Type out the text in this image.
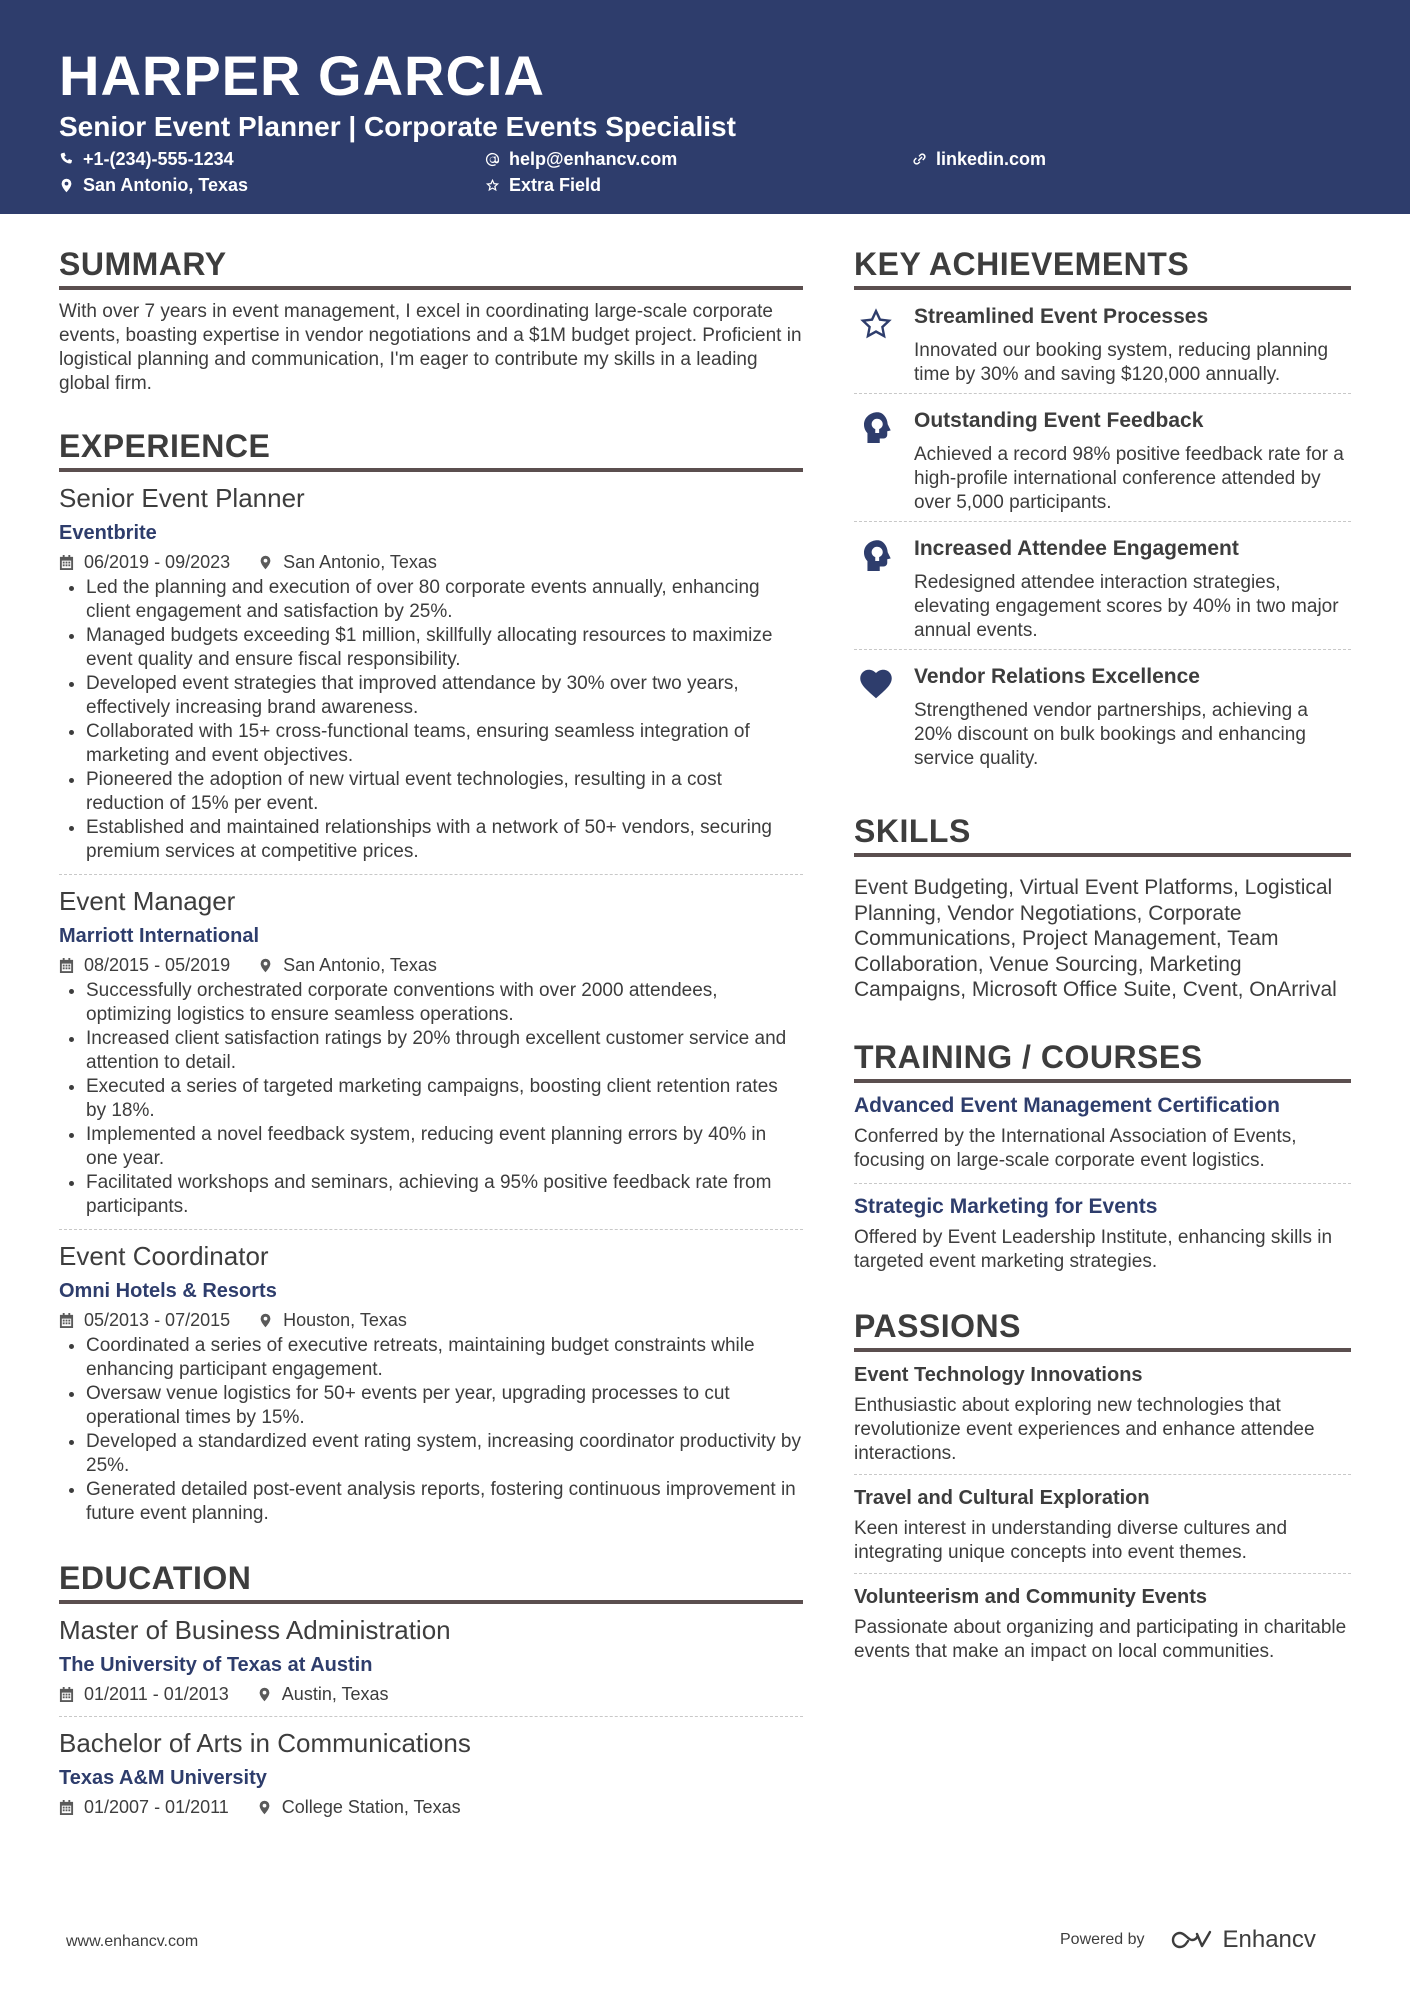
HARPER GARCIA
Senior Event Planner | Corporate Events Specialist
+1-(234)-555-1234	help@enhancv.com	linkedin.com
San Antonio, Texas	Extra Field
SUMMARY
With over 7 years in event management, I excel in coordinating large-scale corporate events, boasting expertise in vendor negotiations and a $1M budget project. Proficient in logistical planning and communication, I'm eager to contribute my skills in a leading global firm.
EXPERIENCE
Senior Event Planner
Eventbrite
06/2019 - 09/2023	San Antonio, Texas
Led the planning and execution of over 80 corporate events annually, enhancing client engagement and satisfaction by 25%.
Managed budgets exceeding $1 million, skillfully allocating resources to maximize event quality and ensure fiscal responsibility.
Developed event strategies that improved attendance by 30% over two years, effectively increasing brand awareness.
Collaborated with 15+ cross-functional teams, ensuring seamless integration of marketing and event objectives.
Pioneered the adoption of new virtual event technologies, resulting in a cost reduction of 15% per event.
Established and maintained relationships with a network of 50+ vendors, securing premium services at competitive prices.
Event Manager
Marriott International
08/2015 - 05/2019	San Antonio, Texas
Successfully orchestrated corporate conventions with over 2000 attendees, optimizing logistics to ensure seamless operations.
Increased client satisfaction ratings by 20% through excellent customer service and attention to detail.
Executed a series of targeted marketing campaigns, boosting client retention rates by 18%.
Implemented a novel feedback system, reducing event planning errors by 40% in one year.
Facilitated workshops and seminars, achieving a 95% positive feedback rate from participants.
Event Coordinator
Omni Hotels & Resorts
05/2013 - 07/2015	Houston, Texas
Coordinated a series of executive retreats, maintaining budget constraints while enhancing participant engagement.
Oversaw venue logistics for 50+ events per year, upgrading processes to cut operational times by 15%.
Developed a standardized event rating system, increasing coordinator productivity by 25%.
Generated detailed post-event analysis reports, fostering continuous improvement in future event planning.
EDUCATION
Master of Business Administration
The University of Texas at Austin
01/2011 - 01/2013	Austin, Texas
Bachelor of Arts in Communications
Texas A&M University
01/2007 - 01/2011	College Station, Texas
KEY ACHIEVEMENTS
Streamlined Event Processes
Innovated our booking system, reducing planning time by 30% and saving $120,000 annually.
Outstanding Event Feedback
Achieved a record 98% positive feedback rate for a high-profile international conference attended by over 5,000 participants.
Increased Attendee Engagement
Redesigned attendee interaction strategies, elevating engagement scores by 40% in two major annual events.
Vendor Relations Excellence
Strengthened vendor partnerships, achieving a 20% discount on bulk bookings and enhancing service quality.
SKILLS
Event Budgeting, Virtual Event Platforms, Logistical Planning, Vendor Negotiations, Corporate Communications, Project Management, Team Collaboration, Venue Sourcing, Marketing Campaigns, Microsoft Office Suite, Cvent, OnArrival
TRAINING / COURSES
Advanced Event Management Certification
Conferred by the International Association of Events, focusing on large-scale corporate event logistics.
Strategic Marketing for Events
Offered by Event Leadership Institute, enhancing skills in targeted event marketing strategies.
PASSIONS
Event Technology Innovations
Enthusiastic about exploring new technologies that revolutionize event experiences and enhance attendee interactions.
Travel and Cultural Exploration
Keen interest in understanding diverse cultures and integrating unique concepts into event themes.
Volunteerism and Community Events
Passionate about organizing and participating in charitable events that make an impact on local communities.
www.enhancv.com	Powered by	Enhancv
